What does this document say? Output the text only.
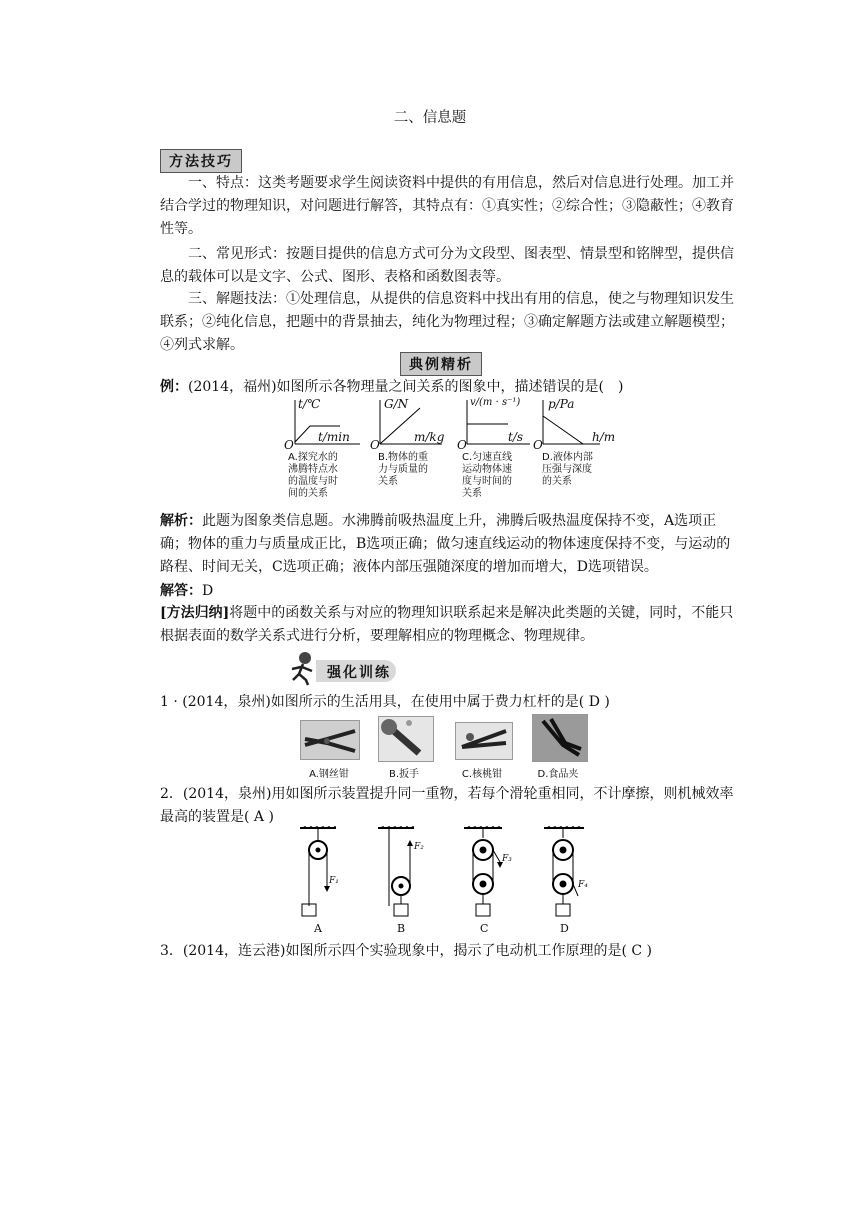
二、信息题
方法技巧
一、特点：这类考题要求学生阅读资料中提供的有用信息，然后对信息进行处理。加工并结合学过的物理知识，对问题进行解答，其特点有：①真实性；②综合性；③隐蔽性；④教育性等。
二、常见形式：按题目提供的信息方式可分为文段型、图表型、情景型和铭牌型，提供信息的载体可以是文字、公式、图形、表格和函数图表等。
三、解题技法：①处理信息，从提供的信息资料中找出有用的信息，使之与物理知识发生联系；②纯化信息，把题中的背景抽去，纯化为物理过程；③确定解题方法或建立解题模型；④列式求解。
典例精析
例：(2014，福州)如图所示各物理量之间关系的图象中，描述错误的是(　)
t/℃
t/min
G/N
m/kg
v/(m · s⁻¹)
t/s
p/Pa
h/m
O	O	O	O
A.探究水的
沸腾特点水
的温度与时
间的关系
B.物体的重
力与质量的
关系
C.匀速直线
运动物体速
度与时间的
关系
D.液体内部
压强与深度
的关系
解析：此题为图象类信息题。水沸腾前吸热温度上升，沸腾后吸热温度保持不变，A选项正确；物体的重力与质量成正比，B选项正确；做匀速直线运动的物体速度保持不变，与运动的路程、时间无关，C选项正确；液体内部压强随深度的增加而增大，D选项错误。
解答：D
[方法归纳]将题中的函数关系与对应的物理知识联系起来是解决此类题的关键，同时，不能只根据表面的数学关系式进行分析，要理解相应的物理概念、物理规律。
强化训练
1 · (2014，泉州)如图所示的生活用具，在使用中属于费力杠杆的是( D )
A.钢丝钳	B.扳手	C.核桃钳	D.食品夹
2．(2014，泉州)用如图所示装置提升同一重物，若每个滑轮重相同，不计摩擦，则机械效率最高的装置是( A )
F₁
F₂
F₃
F₄
A	B	C	D
3．(2014，连云港)如图所示四个实验现象中，揭示了电动机工作原理的是( C )
